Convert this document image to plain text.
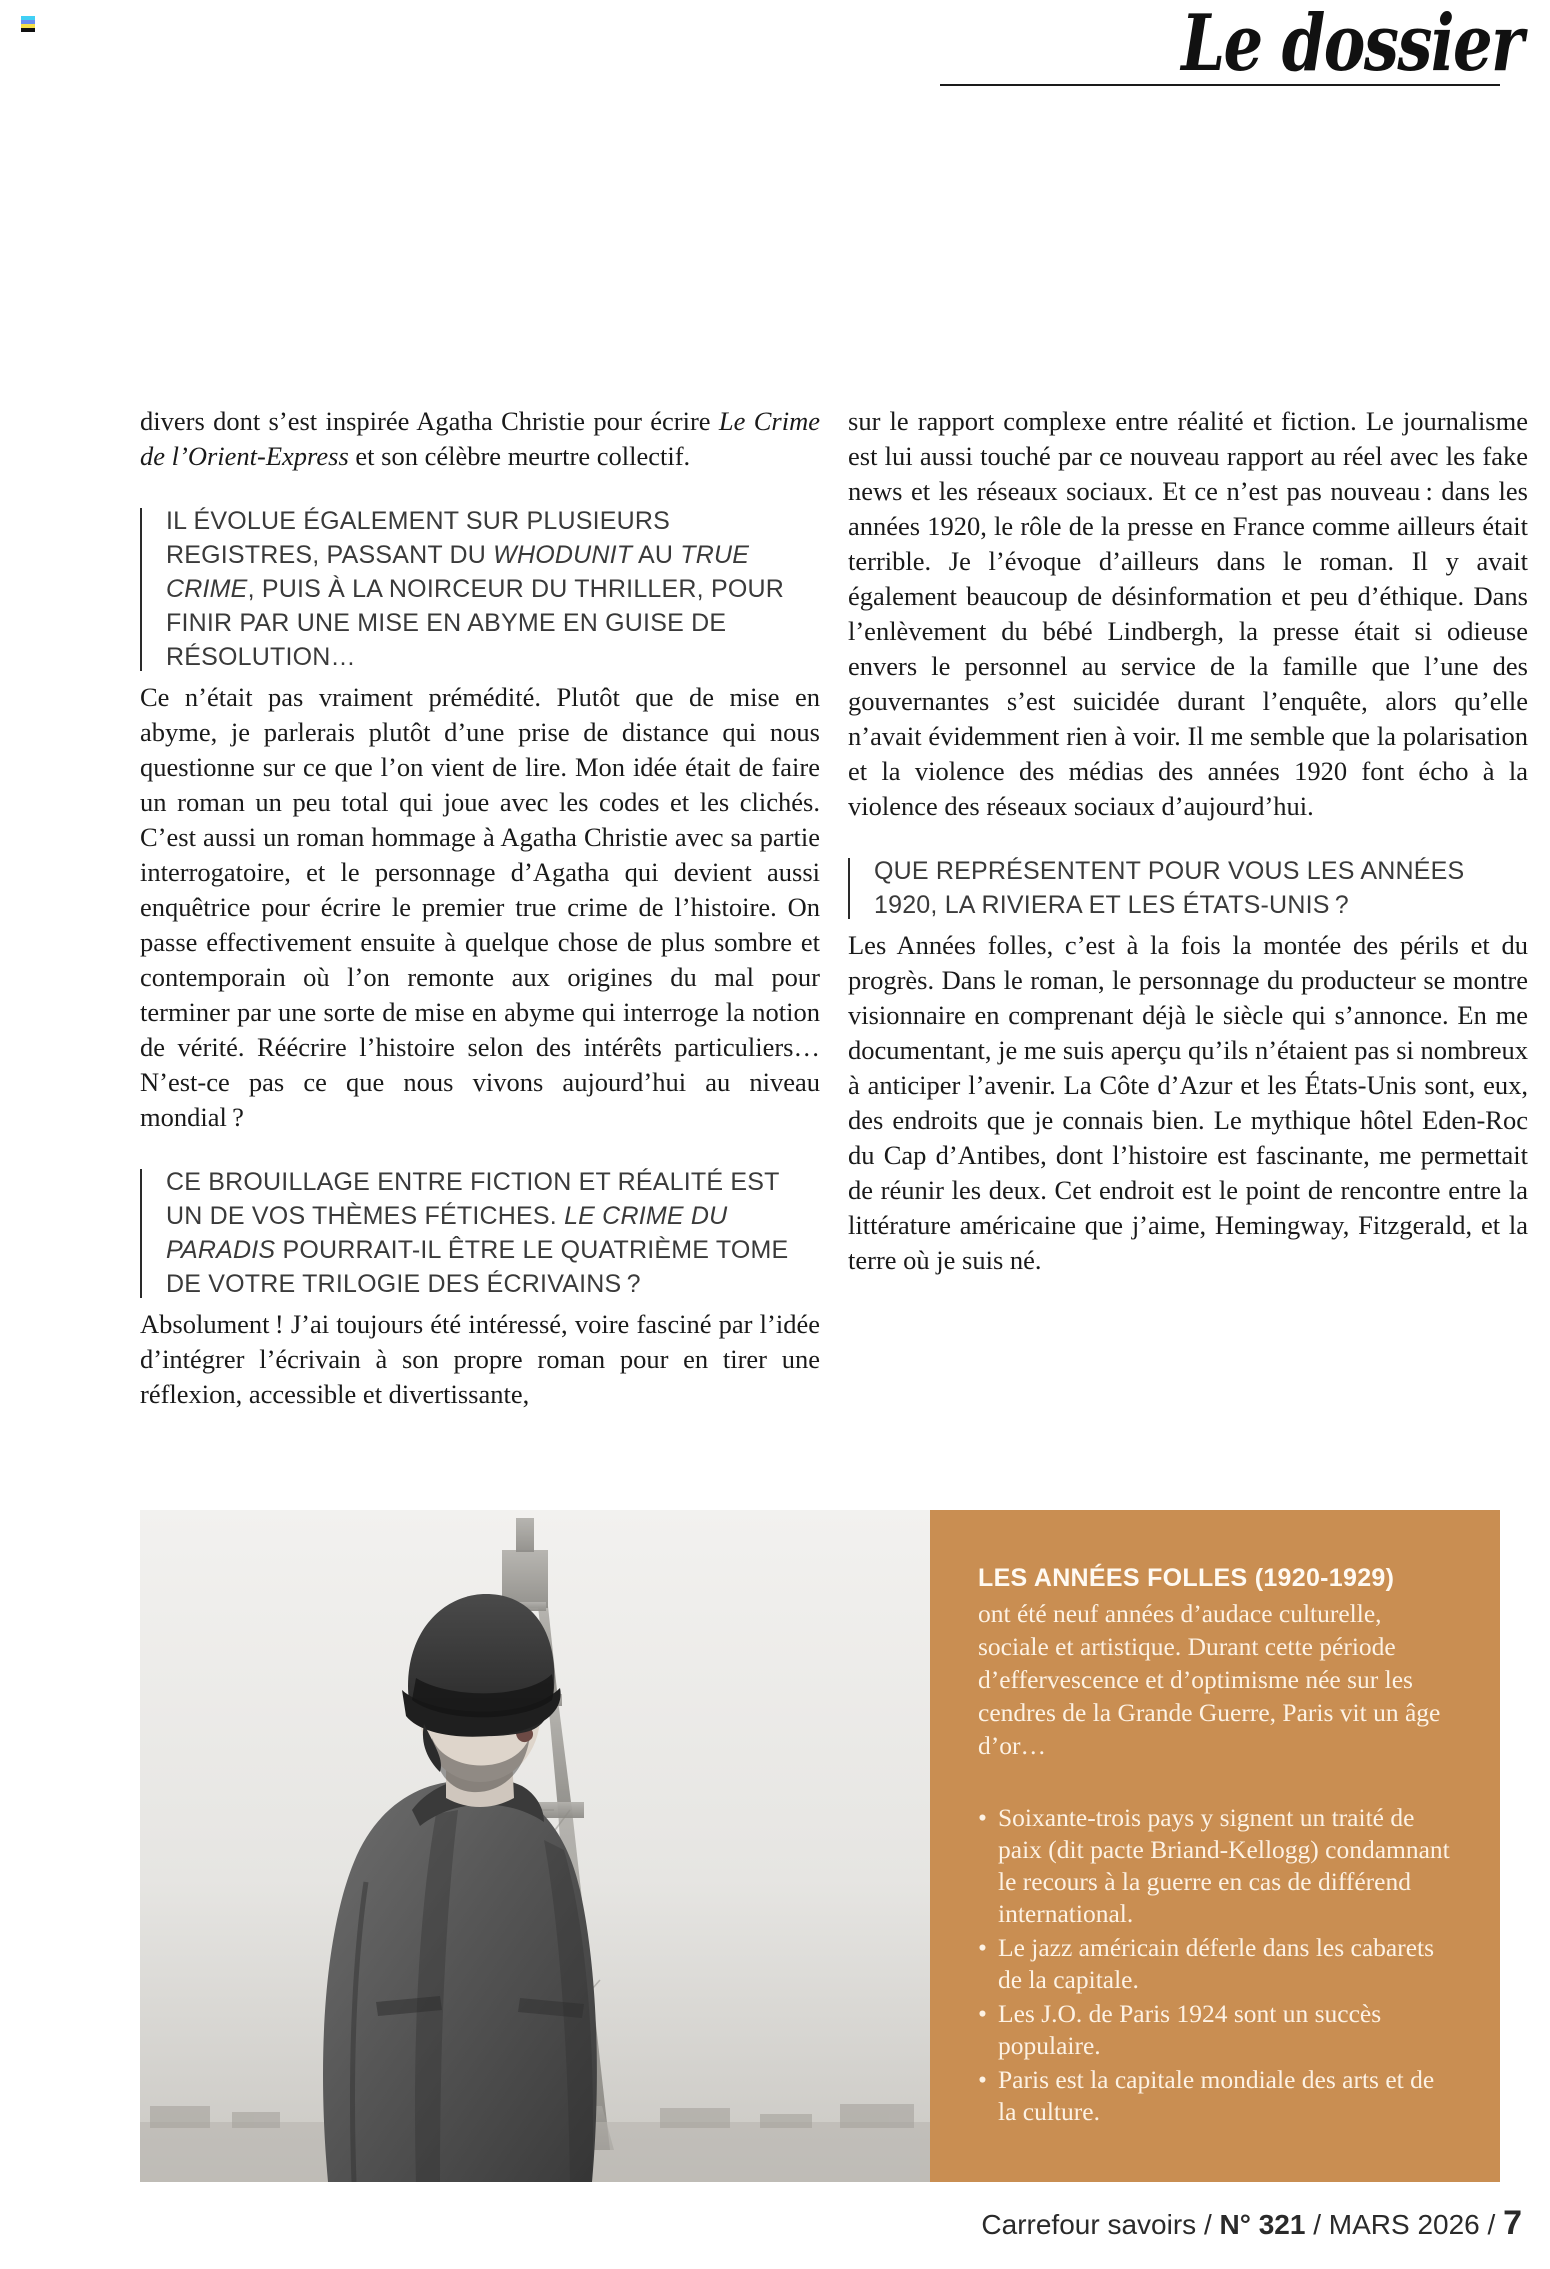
Le dossier

divers dont s’est inspirée Agatha Christie pour écrire Le Crime de l’Orient-Express et son célèbre meurtre collectif.

IL ÉVOLUE ÉGALEMENT SUR PLUSIEURS REGISTRES, PASSANT DU WHODUNIT AU TRUE CRIME, PUIS À LA NOIRCEUR DU THRILLER, POUR FINIR PAR UNE MISE EN ABYME EN GUISE DE RÉSOLUTION…

Ce n’était pas vraiment prémédité. Plutôt que de mise en abyme, je parlerais plutôt d’une prise de distance qui nous questionne sur ce que l’on vient de lire. Mon idée était de faire un roman un peu total qui joue avec les codes et les clichés. C’est aussi un roman hommage à Agatha Christie avec sa partie interrogatoire, et le personnage d’Agatha qui devient aussi enquêtrice pour écrire le premier true crime de l’histoire. On passe effectivement ensuite à quelque chose de plus sombre et contemporain où l’on remonte aux origines du mal pour terminer par une sorte de mise en abyme qui interroge la notion de vérité. Réécrire l’histoire selon des intérêts particuliers… N’est-ce pas ce que nous vivons aujourd’hui au niveau mondial ?

CE BROUILLAGE ENTRE FICTION ET RÉALITÉ EST UN DE VOS THÈMES FÉTICHES. LE CRIME DU PARADIS POURRAIT-IL ÊTRE LE QUATRIÈME TOME DE VOTRE TRILOGIE DES ÉCRIVAINS ?

Absolument ! J’ai toujours été intéressé, voire fasciné par l’idée d’intégrer l’écrivain à son propre roman pour en tirer une réflexion, accessible et divertissante,

sur le rapport complexe entre réalité et fiction. Le journalisme est lui aussi touché par ce nouveau rapport au réel avec les fake news et les réseaux sociaux. Et ce n’est pas nouveau : dans les années 1920, le rôle de la presse en France comme ailleurs était terrible. Je l’évoque d’ailleurs dans le roman. Il y avait également beaucoup de désinformation et peu d’éthique. Dans l’enlèvement du bébé Lindbergh, la presse était si odieuse envers le personnel au service de la famille que l’une des gouvernantes s’est suicidée durant l’enquête, alors qu’elle n’avait évidemment rien à voir. Il me semble que la polarisation et la violence des médias des années 1920 font écho à la violence des réseaux sociaux d’aujourd’hui.

QUE REPRÉSENTENT POUR VOUS LES ANNÉES 1920, LA RIVIERA ET LES ÉTATS-UNIS ?

Les Années folles, c’est à la fois la montée des périls et du progrès. Dans le roman, le personnage du producteur se montre visionnaire en comprenant déjà le siècle qui s’annonce. En me documentant, je me suis aperçu qu’ils n’étaient pas si nombreux à anticiper l’avenir. La Côte d’Azur et les États-Unis sont, eux, des endroits que je connais bien. Le mythique hôtel Eden-Roc du Cap d’Antibes, dont l’histoire est fascinante, me permettait de réunir les deux. Cet endroit est le point de rencontre entre la littérature américaine que j’aime, Hemingway, Fitzgerald, et la terre où je suis né.

LES ANNÉES FOLLES (1920-1929)
ont été neuf années d’audace culturelle, sociale et artistique. Durant cette période d’effervescence et d’optimisme née sur les cendres de la Grande Guerre, Paris vit un âge d’or…
• Soixante-trois pays y signent un traité de paix (dit pacte Briand-Kellogg) condamnant le recours à la guerre en cas de différend international.
• Le jazz américain déferle dans les cabarets de la capitale.
• Les J.O. de Paris 1924 sont un succès populaire.
• Paris est la capitale mondiale des arts et de la culture.
Carrefour savoirs / N° 321 / MARS 2026 / 7
